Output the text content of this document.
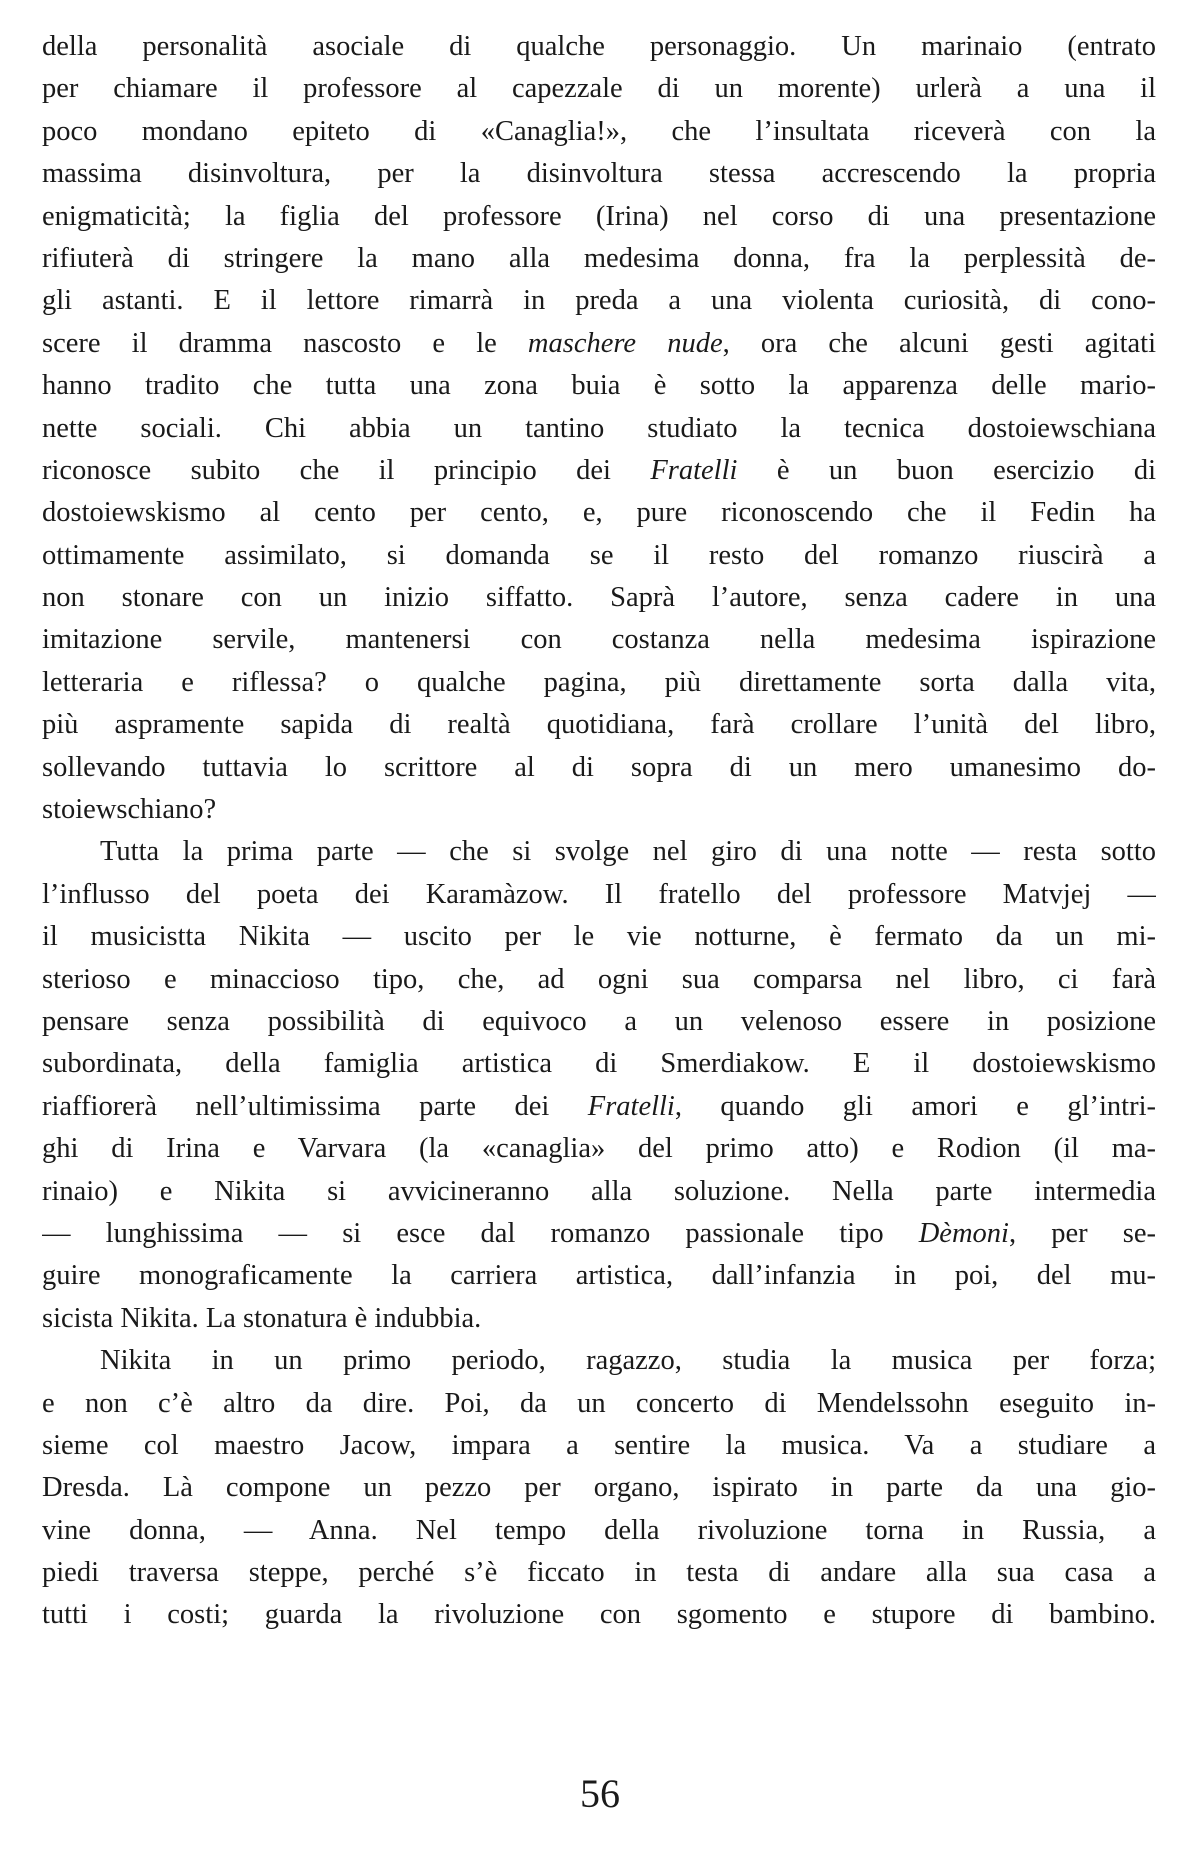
della personalità asociale di qualche personaggio. Un marinaio (entrato
per chiamare il professore al capezzale di un morente) urlerà a una il
poco mondano epiteto di «Canaglia!», che l’insultata riceverà con la
massima disinvoltura, per la disinvoltura stessa accrescendo la propria
enigmaticità; la figlia del professore (Irina) nel corso di una presentazione
rifiuterà di stringere la mano alla medesima donna, fra la perplessità de-
gli astanti. E il lettore rimarrà in preda a una violenta curiosità, di cono-
scere il dramma nascosto e le maschere nude, ora che alcuni gesti agitati
hanno tradito che tutta una zona buia è sotto la apparenza delle mario-
nette sociali. Chi abbia un tantino studiato la tecnica dostoiewschiana
riconosce subito che il principio dei Fratelli è un buon esercizio di
dostoiewskismo al cento per cento, e, pure riconoscendo che il Fedin ha
ottimamente assimilato, si domanda se il resto del romanzo riuscirà a
non stonare con un inizio siffatto. Saprà l’autore, senza cadere in una
imitazione servile, mantenersi con costanza nella medesima ispirazione
letteraria e riflessa? o qualche pagina, più direttamente sorta dalla vita,
più aspramente sapida di realtà quotidiana, farà crollare l’unità del libro,
sollevando tuttavia lo scrittore al di sopra di un mero umanesimo do-
stoiewschiano?
Tutta la prima parte — che si svolge nel giro di una notte — resta sotto
l’influsso del poeta dei Karamàzow. Il fratello del professore Matvjej —
il musicistta Nikita — uscito per le vie notturne, è fermato da un mi-
sterioso e minaccioso tipo, che, ad ogni sua comparsa nel libro, ci farà
pensare senza possibilità di equivoco a un velenoso essere in posizione
subordinata, della famiglia artistica di Smerdiakow. E il dostoiewskismo
riaffiorerà nell’ultimissima parte dei Fratelli, quando gli amori e gl’intri-
ghi di Irina e Varvara (la «canaglia» del primo atto) e Rodion (il ma-
rinaio) e Nikita si avvicineranno alla soluzione. Nella parte intermedia
— lunghissima — si esce dal romanzo passionale tipo Dèmoni, per se-
guire monograficamente la carriera artistica, dall’infanzia in poi, del mu-
sicista Nikita. La stonatura è indubbia.
Nikita in un primo periodo, ragazzo, studia la musica per forza;
e non c’è altro da dire. Poi, da un concerto di Mendelssohn eseguito in-
sieme col maestro Jacow, impara a sentire la musica. Va a studiare a
Dresda. Là compone un pezzo per organo, ispirato in parte da una gio-
vine donna, — Anna. Nel tempo della rivoluzione torna in Russia, a
piedi traversa steppe, perché s’è ficcato in testa di andare alla sua casa a
tutti i costi; guarda la rivoluzione con sgomento e stupore di bambino.
56
